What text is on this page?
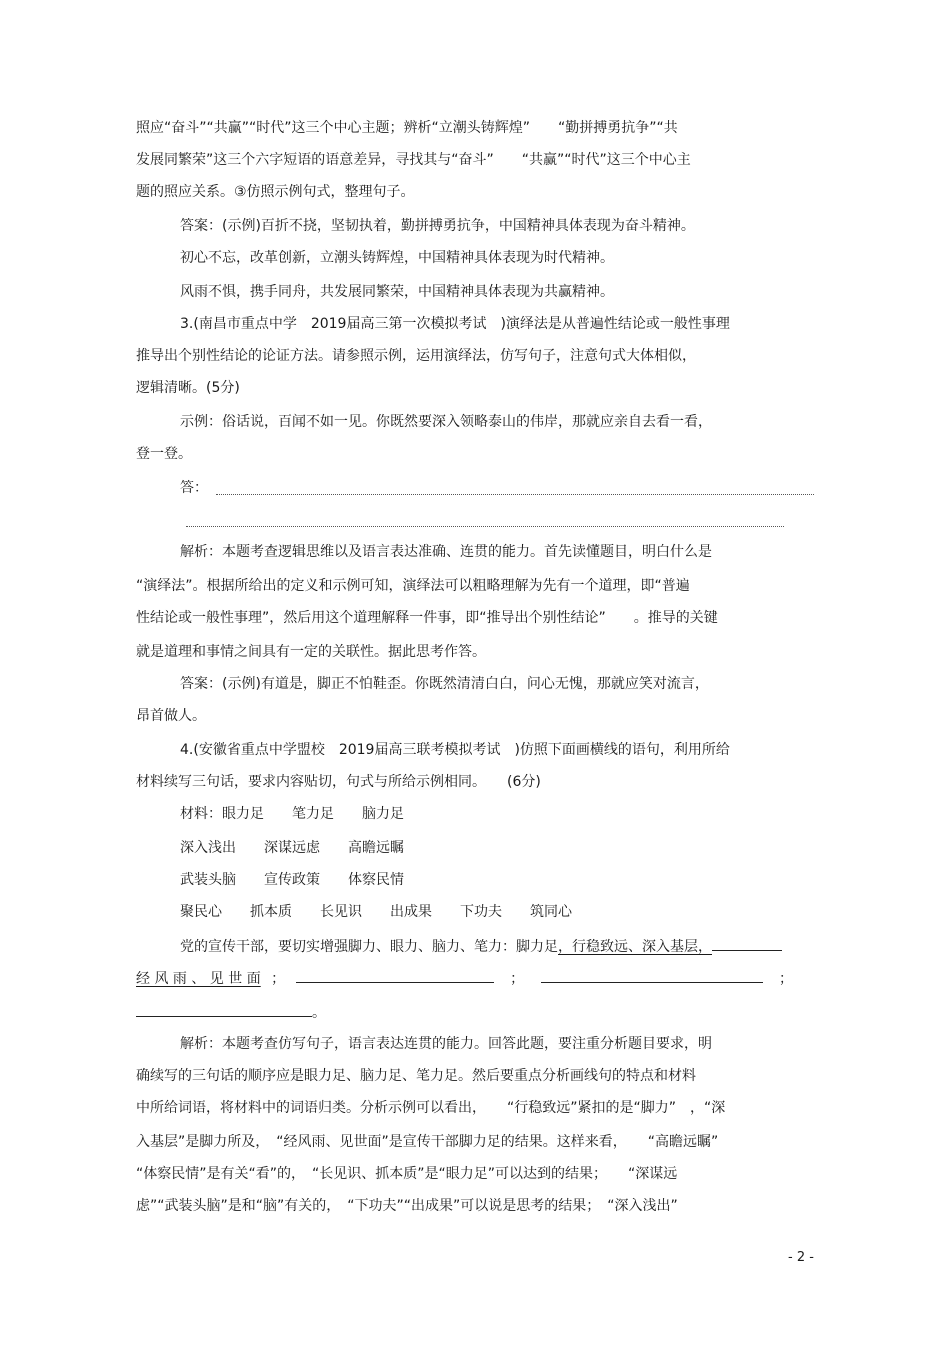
照应“奋斗”“共赢”“时代”这三个中心主题；辨析“立潮头铸辉煌”　　“勤拼搏勇抗争”“共
发展同繁荣”这三个六字短语的语意差异，寻找其与“奋斗”　　“共赢”“时代”这三个中心主
题的照应关系。③仿照示例句式，整理句子。
答案：(示例)百折不挠，坚韧执着，勤拼搏勇抗争，中国精神具体表现为奋斗精神。
初心不忘，改革创新，立潮头铸辉煌，中国精神具体表现为时代精神。
风雨不惧，携手同舟，共发展同繁荣，中国精神具体表现为共赢精神。
3.(南昌市重点中学　2019届高三第一次模拟考试　)演绎法是从普遍性结论或一般性事理
推导出个别性结论的论证方法。请参照示例，运用演绎法，仿写句子，注意句式大体相似，
逻辑清晰。(5分)
示例：俗话说，百闻不如一见。你既然要深入领略泰山的伟岸，那就应亲自去看一看，
登一登。
答：
解析：本题考查逻辑思维以及语言表达准确、连贯的能力。首先读懂题目，明白什么是
“演绎法”。根据所给出的定义和示例可知，演绎法可以粗略理解为先有一个道理，即“普遍
性结论或一般性事理”，然后用这个道理解释一件事，即“推导出个别性结论”　　。推导的关键
就是道理和事情之间具有一定的关联性。据此思考作答。
答案：(示例)有道是，脚正不怕鞋歪。你既然清清白白，问心无愧，那就应笑对流言，
昂首做人。
4.(安徽省重点中学盟校　2019届高三联考模拟考试　)仿照下面画横线的语句，利用所给
材料续写三句话，要求内容贴切，句式与所给示例相同。　　(6分)
材料：眼力足　　笔力足　　脑力足
深入浅出　　深谋远虑　　高瞻远瞩
武装头脑　　宣传政策　　体察民情
聚民心　　抓本质　　长见识　　出成果　　下功夫　　筑同心
党的宣传干部，要切实增强脚力、眼力、脑力、笔力：脚力足，行稳致远、深入基层，
经 风 雨 、 见 世 面 ；	；	；
。
解析：本题考查仿写句子，语言表达连贯的能力。回答此题，要注重分析题目要求，明
确续写的三句话的顺序应是眼力足、脑力足、笔力足。然后要重点分析画线句的特点和材料
中所给词语，将材料中的词语归类。分析示例可以看出，　　“行稳致远”紧扣的是“脚力”　，“深
入基层”是脚力所及，　“经风雨、见世面”是宣传干部脚力足的结果。这样来看，　　“高瞻远瞩”
“体察民情”是有关“看”的，　“长见识、抓本质”是“眼力足”可以达到的结果；　　“深谋远
虑”“武装头脑”是和“脑”有关的，　“下功夫”“出成果”可以说是思考的结果；　“深入浅出”
- 2 -
